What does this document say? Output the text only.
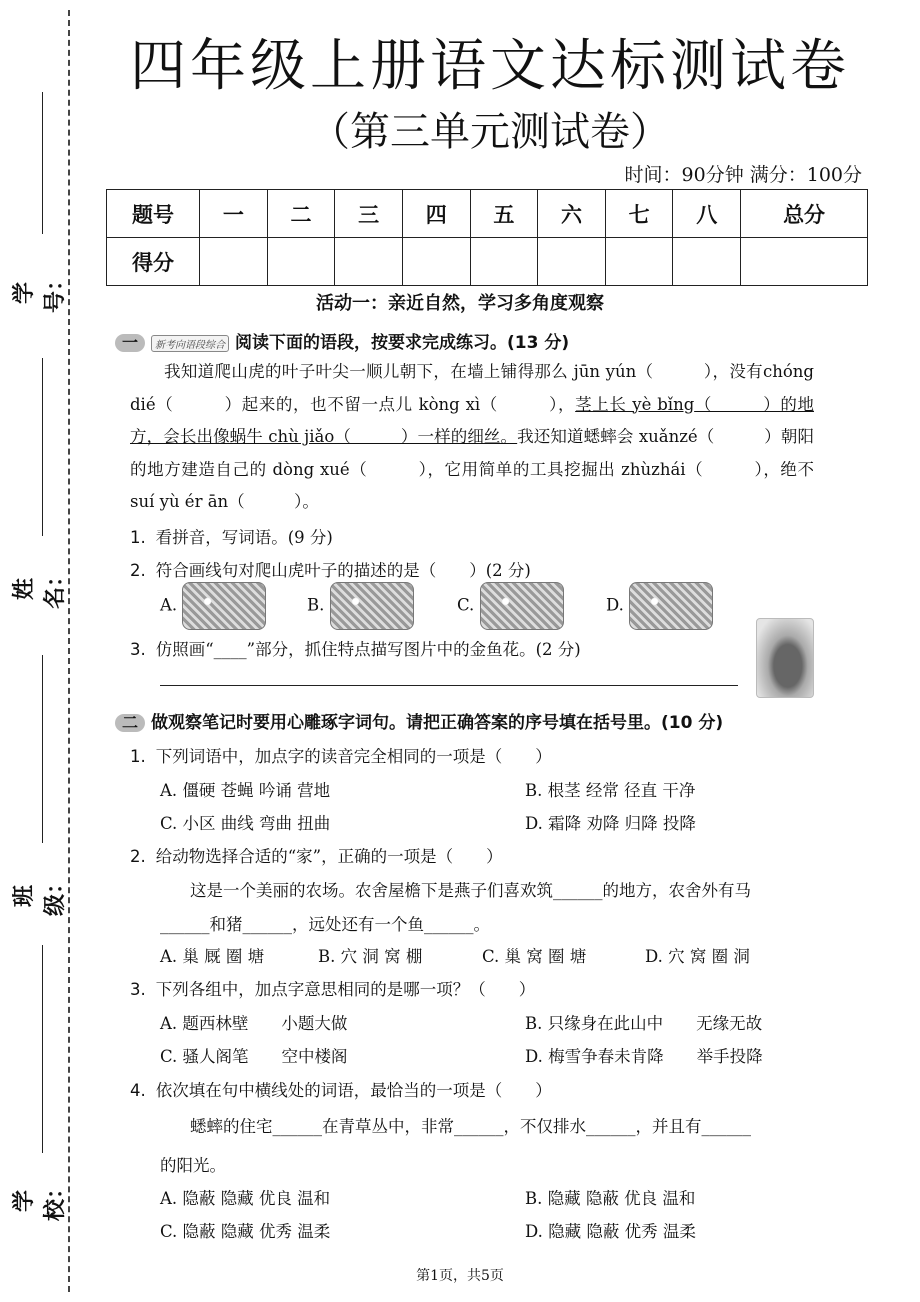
学号：
姓名：
班级：
学校：
四年级上册语文达标测试卷
（第三单元测试卷）
时间：90分钟 满分：100分
题号	一	二	三	四	五	六	七	八	总分
得分									
活动一：亲近自然，学习多角度观察
一 新考向语段综合 阅读下面的语段，按要求完成练习。(13 分)
我知道爬山虎的叶子叶尖一顺儿朝下，在墙上铺得那么 jūn yún（　　　），没有chóng dié（　　　）起来的，也不留一点儿 kòng xì（　　　），茎上长 yè bǐng（　　　）的地方，会长出像蜗牛 chù jiǎo（　　　）一样的细丝。我还知道蟋蟀会 xuǎnzé（　　　）朝阳的地方建造自己的 dòng xué（　　　），它用简单的工具挖掘出 zhùzhái（　　　），绝不 suí yù ér ān（　　　）。
1. 看拼音，写词语。(9 分)
2. 符合画线句对爬山虎叶子的描述的是（　　）(2 分)
A.	B.	C.	D.
3. 仿照画“____”部分，抓住特点描写图片中的金鱼花。(2 分)
二 做观察笔记时要用心雕琢字词句。请把正确答案的序号填在括号里。(10 分)
1. 下列词语中，加点字的读音完全相同的一项是（　　）
A. 僵硬 苍蝇 吟诵 营地	B. 根茎 经常 径直 干净
C. 小区 曲线 弯曲 扭曲	D. 霜降 劝降 归降 投降
2. 给动物选择合适的“家”，正确的一项是（　　）
这是一个美丽的农场。农舍屋檐下是燕子们喜欢筑______的地方，农舍外有马
______和猪______，远处还有一个鱼______。
A. 巢 厩 圈 塘	B. 穴 洞 窝 棚	C. 巢 窝 圈 塘	D. 穴 窝 圈 洞
3. 下列各组中，加点字意思相同的是哪一项？（　　）
A. 题西林壁　　小题大做	B. 只缘身在此山中　　无缘无故
C. 骚人阁笔　　空中楼阁	D. 梅雪争春未肯降　　举手投降
4. 依次填在句中横线处的词语，最恰当的一项是（　　）
蟋蟀的住宅______在青草丛中，非常______，不仅排水______，并且有______
的阳光。
A. 隐蔽 隐藏 优良 温和	B. 隐藏 隐蔽 优良 温和
C. 隐蔽 隐藏 优秀 温柔	D. 隐藏 隐蔽 优秀 温柔
第1页，共5页
